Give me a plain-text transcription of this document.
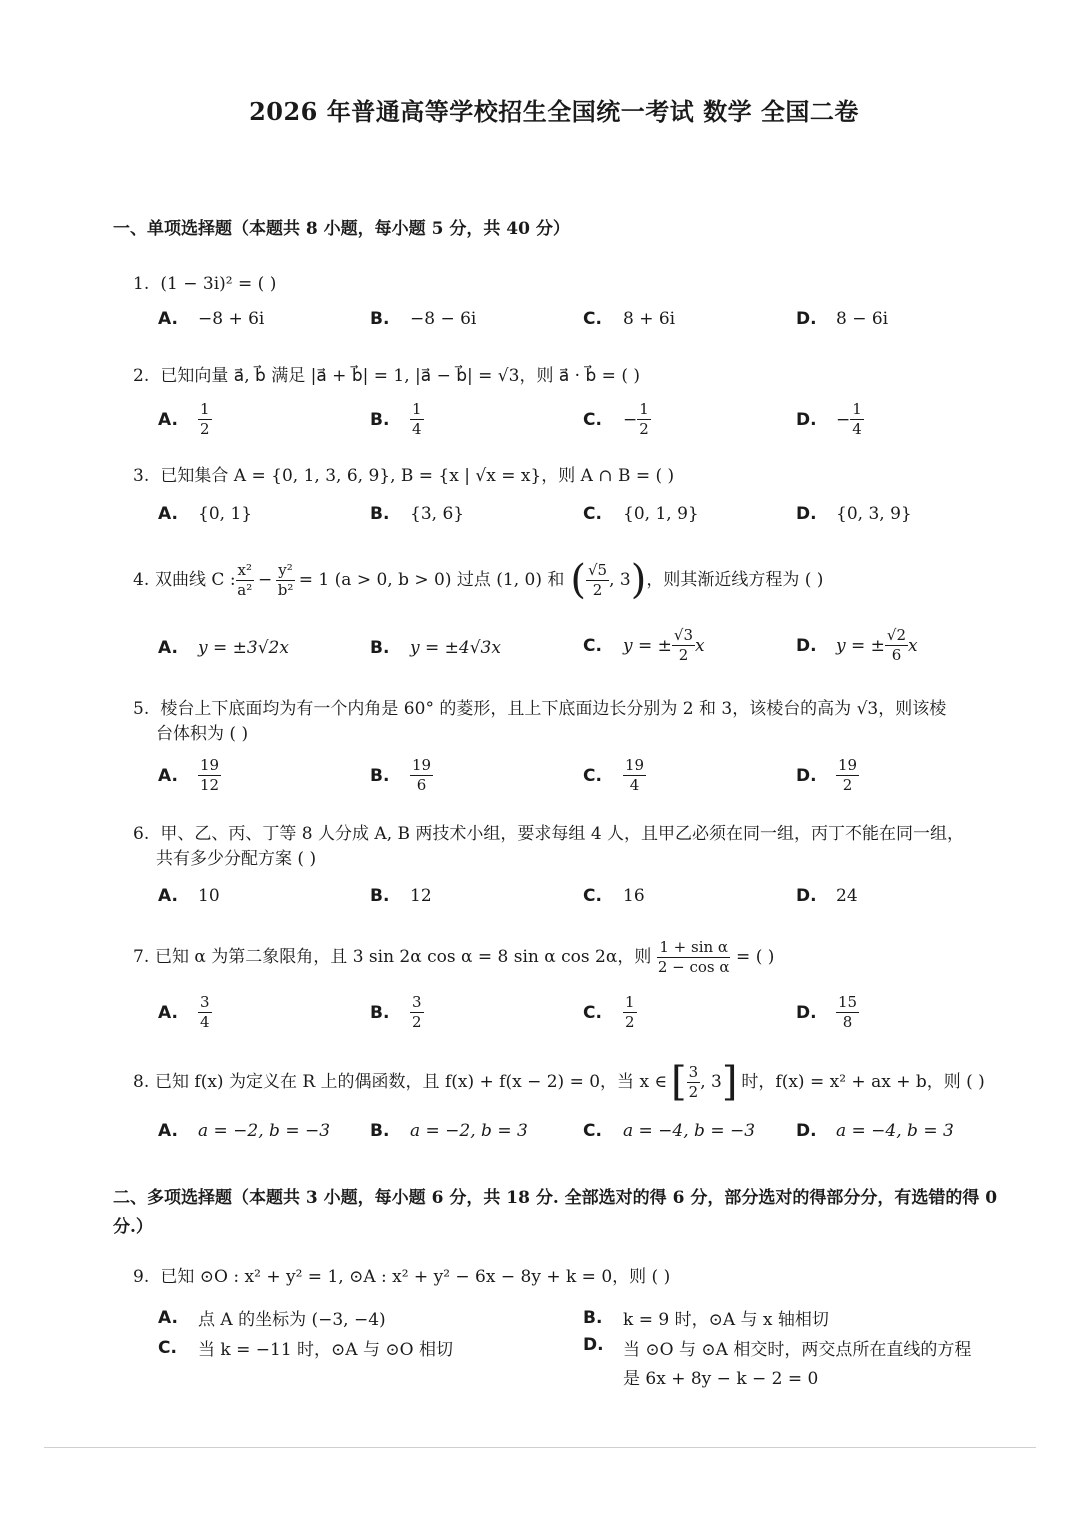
2026 年普通高等学校招生全国统一考试 数学 全国二卷
一、单项选择题（本题共 8 小题，每小题 5 分，共 40 分）
1. (1 − 3i)² = ( )
A.	−8 + 6i	B.	−8 − 6i	C.	8 + 6i	D.	8 − 6i
2. 已知向量 a⃗, b⃗ 满足 |a⃗ + b⃗| = 1, |a⃗ − b⃗| = √3，则 a⃗ · b⃗ = ( )
A.	$\frac{1}{2}$	B.	$\frac{1}{4}$	C.	− $\frac{1}{2}$	D.	− $\frac{1}{4}$
3. 已知集合 A = {0, 1, 3, 6, 9}, B = {x | √x = x}，则 A ∩ B = ( )
A.	{0, 1}	B.	{3, 6}	C.	{0, 1, 9}	D.	{0, 3, 9}
4. 双曲线 C : $\frac{\text{x²}}{\text{a²}} - \frac{\text{y²}}{\text{b²}} = 1$ (a > 0, b > 0) 过点 (1, 0) 和 ( $\frac{√5}{2}$ , 3 ) ，则其渐近线方程为 ( )
A.	y = ±3√2x	B.	y = ±4√3x	C.	y = ± $\frac{√3}{2}$ x	D.	y = ± $\frac{√2}{6}$ x
5. 棱台上下底面均为有一个内角是 60° 的菱形，且上下底面边长分别为 2 和 3，该棱台的高为 √3，则该棱
台体积为 ( )
A.	$\frac{19}{12}$	B.	$\frac{19}{6}$	C.	$\frac{19}{4}$	D.	$\frac{19}{2}$
6. 甲、乙、丙、丁等 8 人分成 A, B 两技术小组，要求每组 4 人，且甲乙必须在同一组，丙丁不能在同一组，
共有多少分配方案 ( )
A.	10	B.	12	C.	16	D.	24
7. 已知 α 为第二象限角，且 3 sin 2α cos α = 8 sin α cos 2α，则 $\frac{\text{1 + sin α}}{\text{2 − cos α}}$ = ( )
A.	$\frac{3}{4}$	B.	$\frac{3}{2}$	C.	$\frac{1}{2}$	D.	$\frac{15}{8}$
8. 已知 f(x) 为定义在 R 上的偶函数，且 f(x) + f(x − 2) = 0，当 x ∈ [ $\frac{3}{2}$ , 3 ] 时，f(x) = x² + ax + b，则 ( )
A.	a = −2, b = −3 B.	a = −2, b = 3	C.	a = −4, b = −3 D.	a = −4, b = 3
二、多项选择题（本题共 3 小题，每小题 6 分，共 18 分. 全部选对的得 6 分，部分选对的得部分分，有选错的得 0 分.）
9. 已知 ⊙O : x² + y² = 1, ⊙A : x² + y² − 6x − 8y + k = 0，则 ( )
A.	点 A 的坐标为 (−3, −4)	B.	k = 9 时，⊙A 与 x 轴相切
C.	当 k = −11 时，⊙A 与 ⊙O 相切	D.	当 ⊙O 与 ⊙A 相交时，两交点所在直线的方程
是 6x + 8y − k − 2 = 0
